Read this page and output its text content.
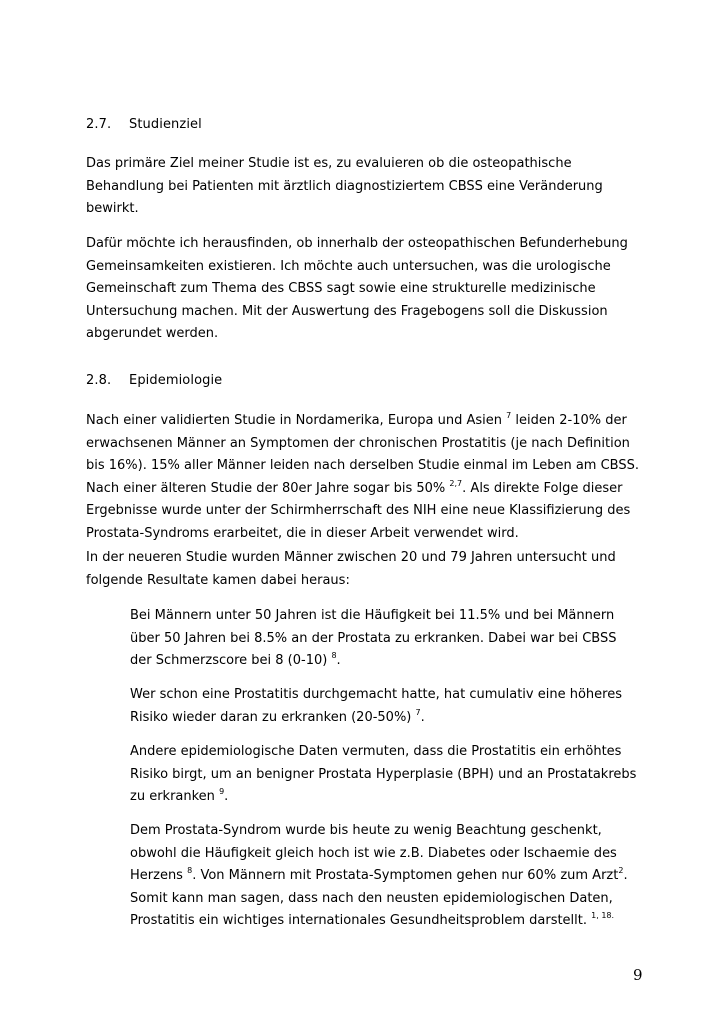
2.7. Studienziel
Das primäre Ziel meiner Studie ist es, zu evaluieren ob die osteopathische
Behandlung bei Patienten mit ärztlich diagnostiziertem CBSS eine Veränderung
bewirkt.
Dafür möchte ich herausfinden, ob innerhalb der osteopathischen Befunderhebung
Gemeinsamkeiten existieren. Ich möchte auch untersuchen, was die urologische
Gemeinschaft zum Thema des CBSS sagt sowie eine strukturelle medizinische
Untersuchung machen. Mit der Auswertung des Fragebogens soll die Diskussion
abgerundet werden.
2.8. Epidemiologie
Nach einer validierten Studie in Nordamerika, Europa und Asien $^7$ leiden 2-10% der
erwachsenen Männer an Symptomen der chronischen Prostatitis (je nach Definition
bis 16%). 15% aller Männer leiden nach derselben Studie einmal im Leben am CBSS.
Nach einer älteren Studie der 80er Jahre sogar bis 50% $^{2,7}$. Als direkte Folge dieser
Ergebnisse wurde unter der Schirmherrschaft des NIH eine neue Klassifizierung des
Prostata-Syndroms erarbeitet, die in dieser Arbeit verwendet wird.
In der neueren Studie wurden Männer zwischen 20 und 79 Jahren untersucht und
folgende Resultate kamen dabei heraus:
Bei Männern unter 50 Jahren ist die Häufigkeit bei 11.5% und bei Männern
über 50 Jahren bei 8.5% an der Prostata zu erkranken. Dabei war bei CBSS
der Schmerzscore bei 8 (0-10) $^8$.
Wer schon eine Prostatitis durchgemacht hatte, hat cumulativ eine höheres
Risiko wieder daran zu erkranken (20-50%) $^7$.
Andere epidemiologische Daten vermuten, dass die Prostatitis ein erhöhtes
Risiko birgt, um an benigner Prostata Hyperplasie (BPH) und an Prostatakrebs
zu erkranken $^9$.
Dem Prostata-Syndrom wurde bis heute zu wenig Beachtung geschenkt,
obwohl die Häufigkeit gleich hoch ist wie z.B. Diabetes oder Ischaemie des
Herzens $^8$. Von Männern mit Prostata-Symptomen gehen nur 60% zum Arzt$^2$.
Somit kann man sagen, dass nach den neusten epidemiologischen Daten,
Prostatitis ein wichtiges internationales Gesundheitsproblem darstellt. $^{1, 18.}$
9
